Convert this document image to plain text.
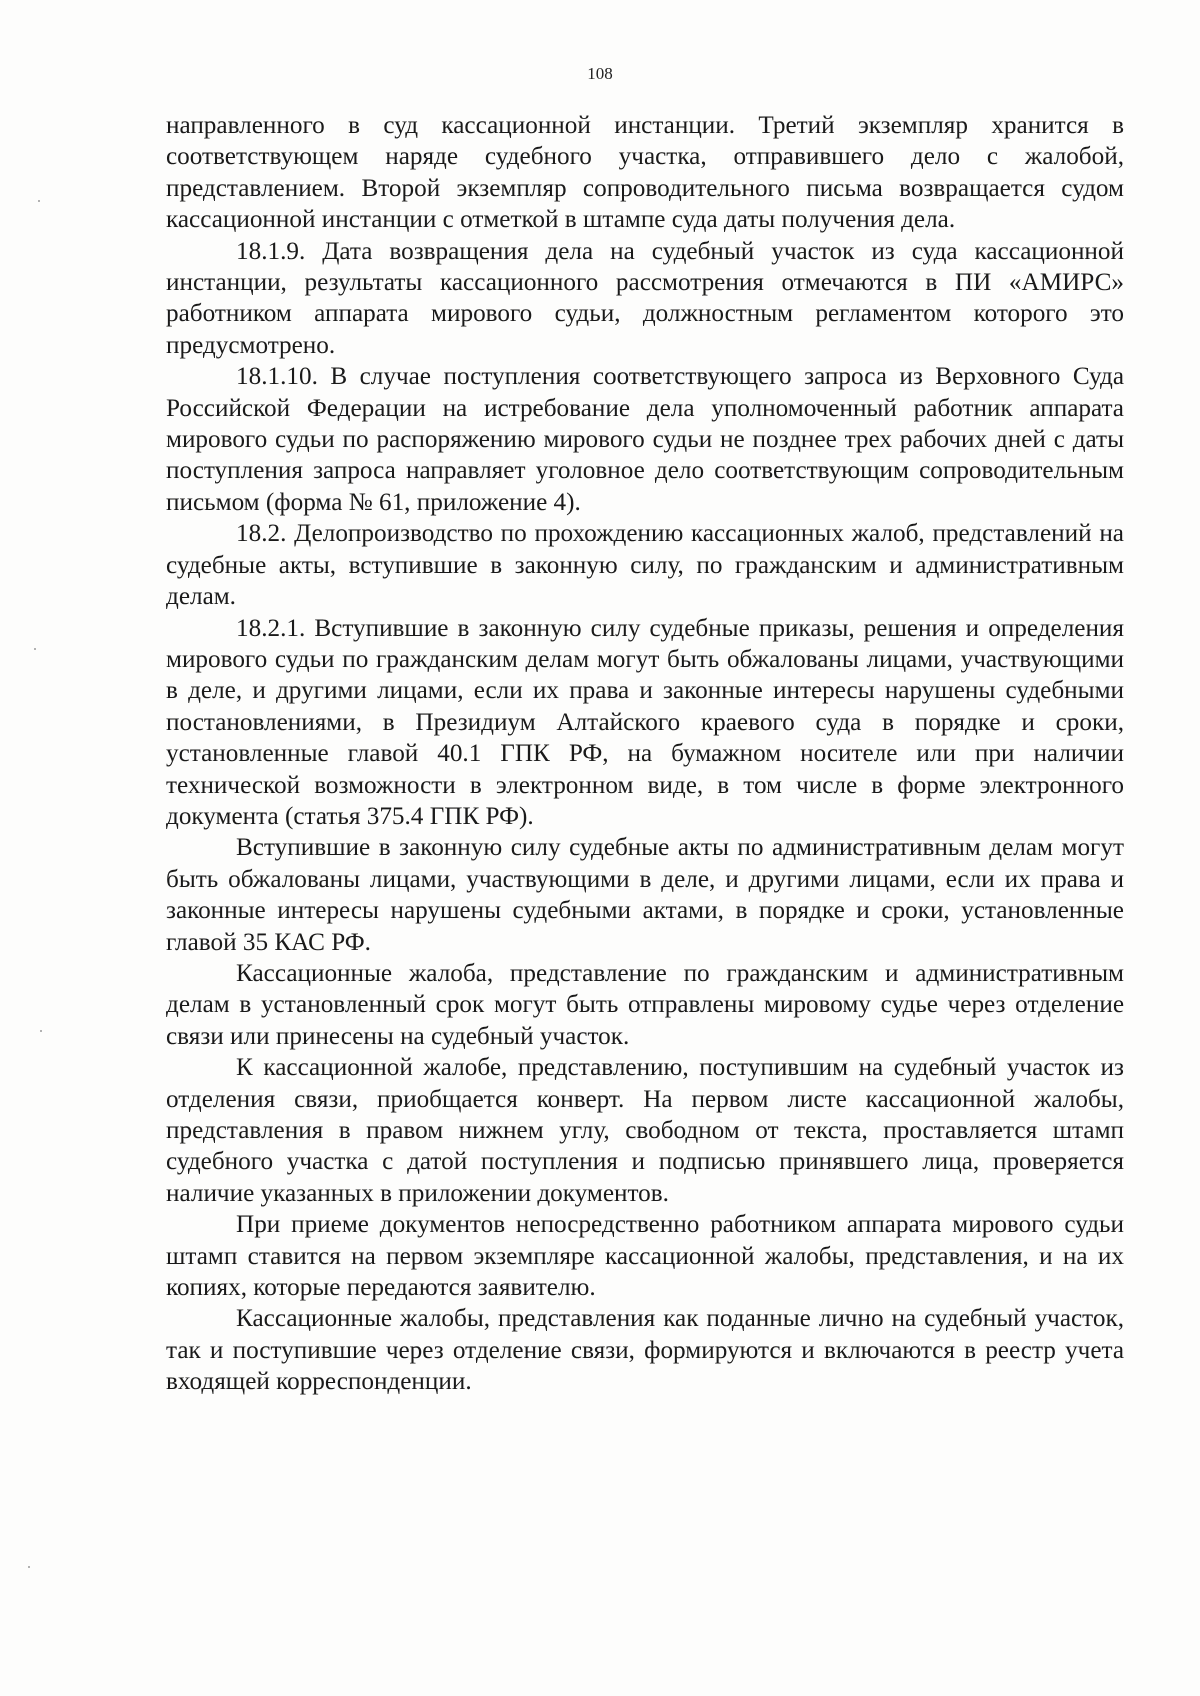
108

направленного в суд кассационной инстанции. Третий экземпляр хранится в соответствующем наряде судебного участка, отправившего дело с жалобой, представлением. Второй экземпляр сопроводительного письма возвращается судом кассационной инстанции с отметкой в штампе суда даты получения дела.

18.1.9. Дата возвращения дела на судебный участок из суда кассационной инстанции, результаты кассационного рассмотрения отмечаются в ПИ «АМИРС» работником аппарата мирового судьи, должностным регламентом которого это предусмотрено.

18.1.10. В случае поступления соответствующего запроса из Верховного Суда Российской Федерации на истребование дела уполномоченный работник аппарата мирового судьи по распоряжению мирового судьи не позднее трех рабочих дней с даты поступления запроса направляет уголовное дело соответствующим сопроводительным письмом (форма № 61, приложение 4).

18.2. Делопроизводство по прохождению кассационных жалоб, представлений на судебные акты, вступившие в законную силу, по гражданским и административным делам.

18.2.1. Вступившие в законную силу судебные приказы, решения и определения мирового судьи по гражданским делам могут быть обжалованы лицами, участвующими в деле, и другими лицами, если их права и законные интересы нарушены судебными постановлениями, в Президиум Алтайского краевого суда в порядке и сроки, установленные главой 40.1 ГПК РФ, на бумажном носителе или при наличии технической возможности в электронном виде, в том числе в форме электронного документа (статья 375.4 ГПК РФ).

Вступившие в законную силу судебные акты по административным делам могут быть обжалованы лицами, участвующими в деле, и другими лицами, если их права и законные интересы нарушены судебными актами, в порядке и сроки, установленные главой 35 КАС РФ.

Кассационные жалоба, представление по гражданским и административным делам в установленный срок могут быть отправлены мировому судье через отделение связи или принесены на судебный участок.

К кассационной жалобе, представлению, поступившим на судебный участок из отделения связи, приобщается конверт. На первом листе кассационной жалобы, представления в правом нижнем углу, свободном от текста, проставляется штамп судебного участка с датой поступления и подписью принявшего лица, проверяется наличие указанных в приложении документов.

При приеме документов непосредственно работником аппарата мирового судьи штамп ставится на первом экземпляре кассационной жалобы, представления, и на их копиях, которые передаются заявителю.

Кассационные жалобы, представления как поданные лично на судебный участок, так и поступившие через отделение связи, формируются и включаются в реестр учета входящей корреспонденции.
